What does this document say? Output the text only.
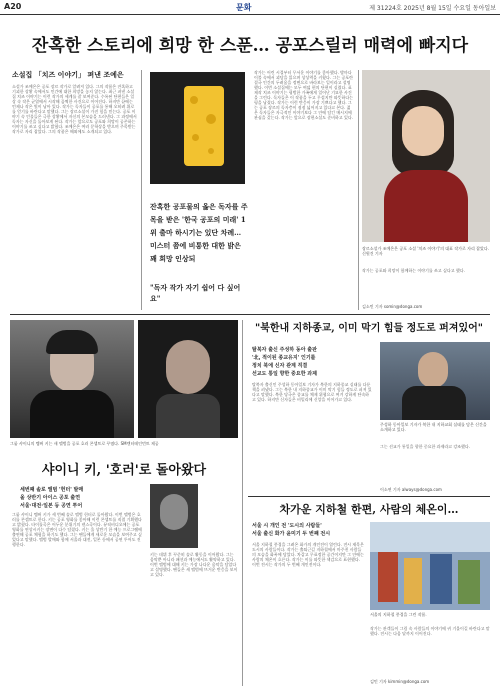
A20	문화	제 31224호 2025년 8월 15일 수요일 동아일보
잔혹한 스토리에 희망 한 스푼… 공포스릴러 매력에 빠지다
소설집 「치즈 이야기」 펴낸 조예은
소설가 조예은은 공포 장르 작가로 알려져 있다. 그의 작품은 잔혹하고 기괴한 상황 속에서도 인간에 대한 희망을 놓지 않는다. 최근 펴낸 소설집 치즈 이야기는 이런 작가의 세계를 잘 보여준다. 수록된 단편들은 일상 속 작은 균열에서 시작해 끔찍한 사건으로 이어진다. 하지만 끝에는 언제나 작은 빛이 남아 있다. 작가는 독자들이 공포를 통해 오히려 위로를 얻기를 바란다고 말했다. 그는 장르소설이 가진 힘을 믿는다. 공포 이야기 속 인물들은 극한 상황에서 자신의 본모습을 드러낸다. 그 과정에서 독자는 자신을 돌아보게 된다. 작가는 앞으로도 공포와 희망이 공존하는 이야기를 쓰고 싶다고 밝혔다. 조예은은 여러 문학상을 받으며 주목받는 작가로 자리 잡았다. 그의 작품은 해외에도 소개되고 있다.
잔혹한 공포물의 옳은 독자를 주목을 받은 '한국 공포의 미래' 1위 출마 하시기는 있단 차례… 미스터 쯤에 비통한 대한 밝은 꽤 희망 인상되
"독자 작가 자기 쉽어 다 싶어요"
작가는 어린 시절부터 무서운 이야기를 좋아했다. 밤마다 이불 속에서 괴담을 읽으며 상상력을 키웠다. 그는 공포란 결국 인간의 두려움을 정면으로 바라보는 일이라고 설명했다. 이번 소설집에는 모두 여덟 편의 단편이 실렸다. 표제작 치즈 이야기는 평범한 가족에게 일어난 기묘한 사건을 그린다. 독자들은 이 작품을 두고 무섭지만 따뜻하다는 평을 남겼다. 작가는 이런 반응이 가장 기쁘다고 했다. 그는 공포 장르의 독자층이 점점 넓어지고 있다고 본다. 젊은 독자들은 자극적인 이야기보다 그 안에 담긴 메시지에 관심을 갖는다. 작가는 앞으로 장편소설도 준비하고 있다.
장르소설가 조예은은 공포 소설 '치즈 이야기'의 대표 작가로 자리 잡았다. 신원건 기자
작가는 공포와 희망이 함께하는 이야기를 쓰고 싶다고 했다.
김소민 기자 somin@donga.com
그룹 샤이니의 멤버 키는 새 앨범을 공포 호러 콘셉트로 꾸몄다. SM엔터테인먼트 제공
샤이니 키, '호러'로 돌아왔다
세번째 솔로 앨범 '헌터' 발매
올 상반기 아이스 공포 출연
서울·대전·일본 등 공연 투어
그룹 샤이니 멤버 키가 세 번째 솔로 앨범 헌터로 돌아왔다. 이번 앨범은 호러를 콘셉트로 한다. 키는 공포 영화를 좋아해 이런 콘셉트를 직접 기획했다고 밝혔다. 타이틀곡은 어두운 분위기의 댄스곡이다. 뮤직비디오에는 공포 영화를 연상시키는 장면이 다수 담겼다. 키는 올 상반기 한 예능 프로그램에 출연해 공포 체험을 하기도 했다. 그는 팬들에게 새로운 모습을 보여주고 싶었다고 말했다. 앨범 발매와 함께 서울과 대전, 일본 등에서 공연 투어도 진행한다.
키는 데뷔 후 꾸준히 솔로 활동을 이어왔다. 그는 음악뿐 아니라 패션과 예능에서도 활약하고 있다. 이번 앨범에 대해 키는 가장 나다운 음악을 담았다고 설명했다. 팬들은 새 앨범에 뜨거운 반응을 보이고 있다.
"북한내 지하종교, 이미 막기 힘들 정도로 퍼져있어"
탈북자 출신 주성하 동아 출판
'北, 적이된 종교유지' 인기를
정치 북에 신자 관계 직결
선교도 통일 향한 중요한 과제
주성하 동아일보 기자가 북한 내 지하교회 실태를 담은 신간을 소개하고 있다.
탈북자 출신인 주성하 동아일보 기자가 북한의 지하종교 실태를 다룬 책을 펴냈다. 그는 북한 내 지하종교가 이미 막기 힘들 정도로 퍼져 있다고 말했다. 북한 당국은 종교를 체제 위협으로 여겨 강하게 단속하고 있다. 하지만 신자들은 비밀리에 신앙을 이어가고 있다.
그는 선교가 통일을 향한 중요한 과제라고 강조했다.
이소연 기자 always@donga.com
차가운 지하철 한편, 사람의 체온이…
서울 시 개인 전 '도시의 사람들'
서울 출신 화가 윤미기 두 번째 전시
서울 지하철 풍경을 그려온 화가의 개인전이 열린다. 전시 제목은 도시의 사람들이다. 작가는 출퇴근길 지하철에서 마주친 사람들의 모습을 화폭에 담았다. 차갑고 무표정한 공간이지만 그 안에는 사람의 체온이 흐른다. 작가는 이를 따뜻한 색감으로 표현했다. 이번 전시는 작가의 두 번째 개인전이다.
서울의 지하철 풍경을 그린 작품.
작가는 관객들이 그림 속 사람들의 이야기에 귀 기울이길 바란다고 말했다. 전시는 다음 달까지 이어진다.
김민 기자 kimmin@donga.com
